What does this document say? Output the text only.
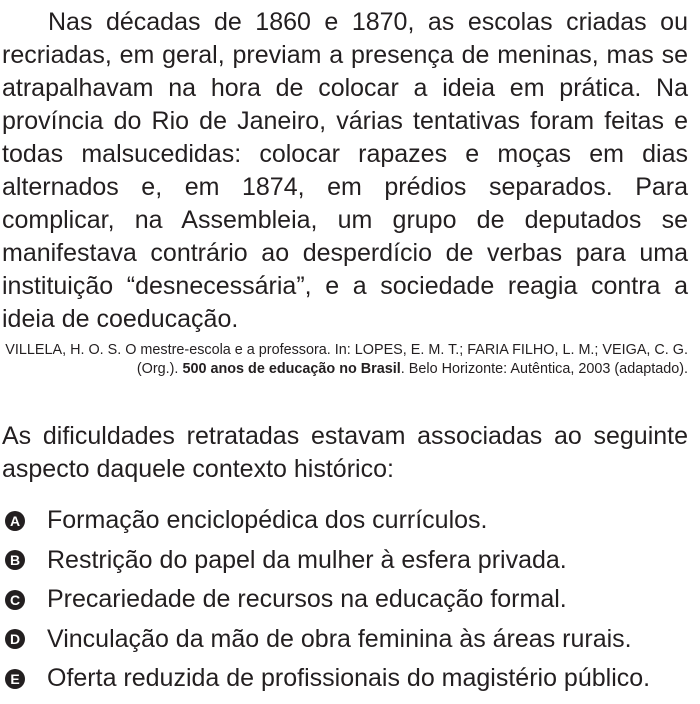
Nas décadas de 1860 e 1870, as escolas criadas ou recriadas, em geral, previam a presença de meninas, mas se atrapalhavam na hora de colocar a ideia em prática. Na província do Rio de Janeiro, várias tentativas foram feitas e todas malsucedidas: colocar rapazes e moças em dias alternados e, em 1874, em prédios separados. Para complicar, na Assembleia, um grupo de deputados se manifestava contrário ao desperdício de verbas para uma instituição “desnecessária”, e a sociedade reagia contra a ideia de coeducação.

VILLELA, H. O. S. O mestre-escola e a professora. In: LOPES, E. M. T.; FARIA FILHO, L. M.; VEIGA, C. G. (Org.). 500 anos de educação no Brasil. Belo Horizonte: Autêntica, 2003 (adaptado).

As dificuldades retratadas estavam associadas ao seguinte aspecto daquele contexto histórico:

A Formação enciclopédica dos currículos.
B Restrição do papel da mulher à esfera privada.
C Precariedade de recursos na educação formal.
D Vinculação da mão de obra feminina às áreas rurais.
E Oferta reduzida de profissionais do magistério público.
